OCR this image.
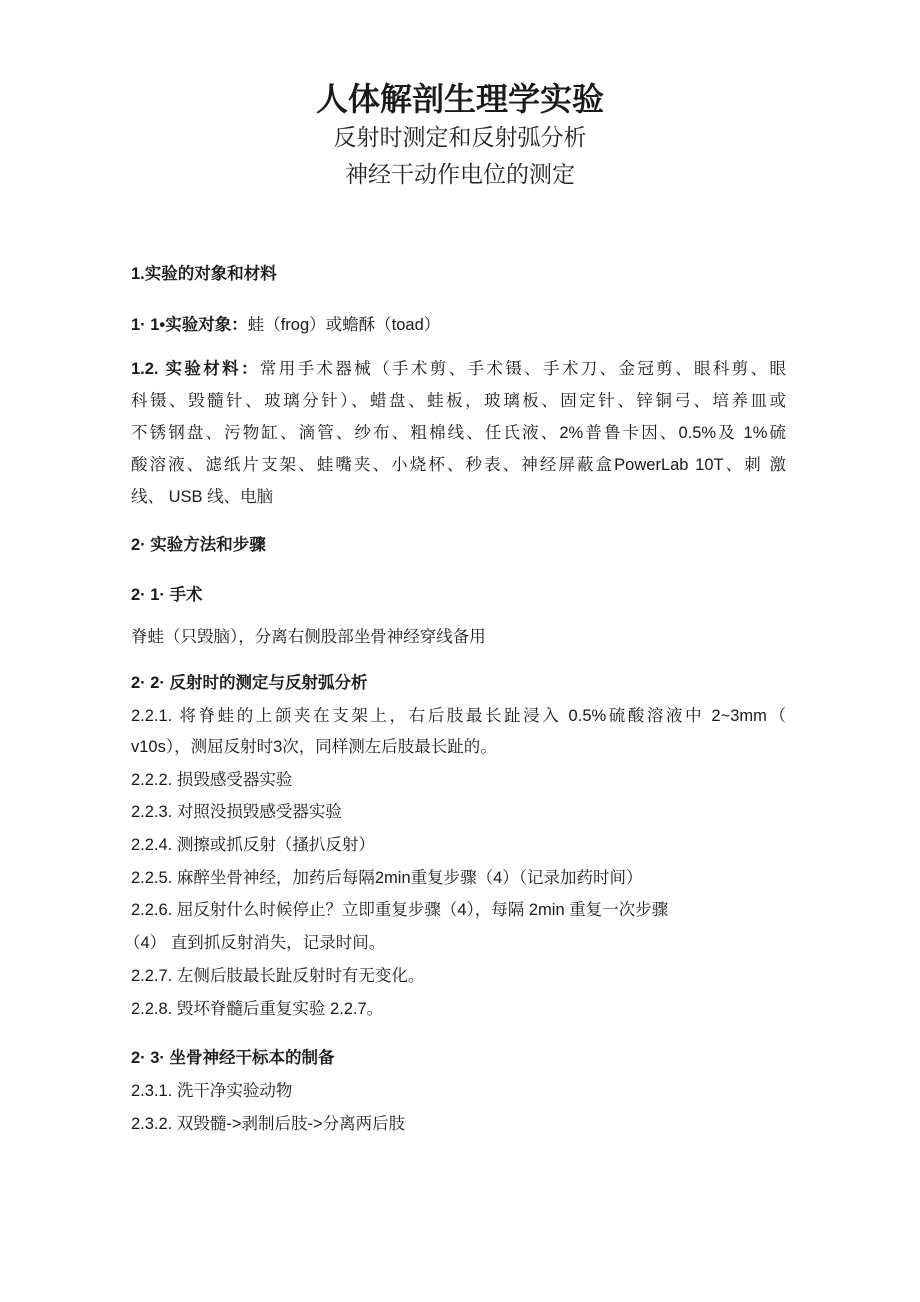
人体解剖生理学实验
反射时测定和反射弧分析
神经干动作电位的测定
1.实验的对象和材料
1· 1•实验对象：蛙（frog）或蟾酥（toad）
1.2. 实验材料：常用手术器械（手术剪、手术镊、手术刀、金冠剪、眼科剪、眼
科镊、毁髓针、玻璃分针）、蜡盘、蛙板，玻璃板、固定针、锌铜弓、培养皿或
不锈钢盘、污物缸、滴管、纱布、粗棉线、任氏液、2%普鲁卡因、0.5%及 1%硫
酸溶液、滤纸片支架、蛙嘴夹、小烧杯、秒表、神经屏蔽盒PowerLab 10T、刺 激
线、 USB 线、电脑
2· 实验方法和步骤
2· 1· 手术
脊蛙（只毁脑），分离右侧股部坐骨神经穿线备用
2· 2· 反射时的测定与反射弧分析
2.2.1. 将脊蛙的上颌夹在支架上，右后肢最长趾浸入 0.5%硫酸溶液中 2~3mm（
v10s），测屈反射时3次，同样测左后肢最长趾的。
2.2.2. 损毁感受器实验
2.2.3. 对照没损毁感受器实验
2.2.4. 测擦或抓反射（搔扒反射）
2.2.5. 麻醉坐骨神经，加药后每隔2min重复步骤（4）（记录加药时间）
2.2.6. 屈反射什么时候停止？立即重复步骤（4），每隔 2min 重复一次步骤
（4） 直到抓反射消失，记录时间。
2.2.7. 左侧后肢最长趾反射时有无变化。
2.2.8. 毁坏脊髓后重复实验 2.2.7。
2· 3· 坐骨神经干标本的制备
2.3.1. 洗干净实验动物
2.3.2. 双毁髓->剥制后肢->分离两后肢
